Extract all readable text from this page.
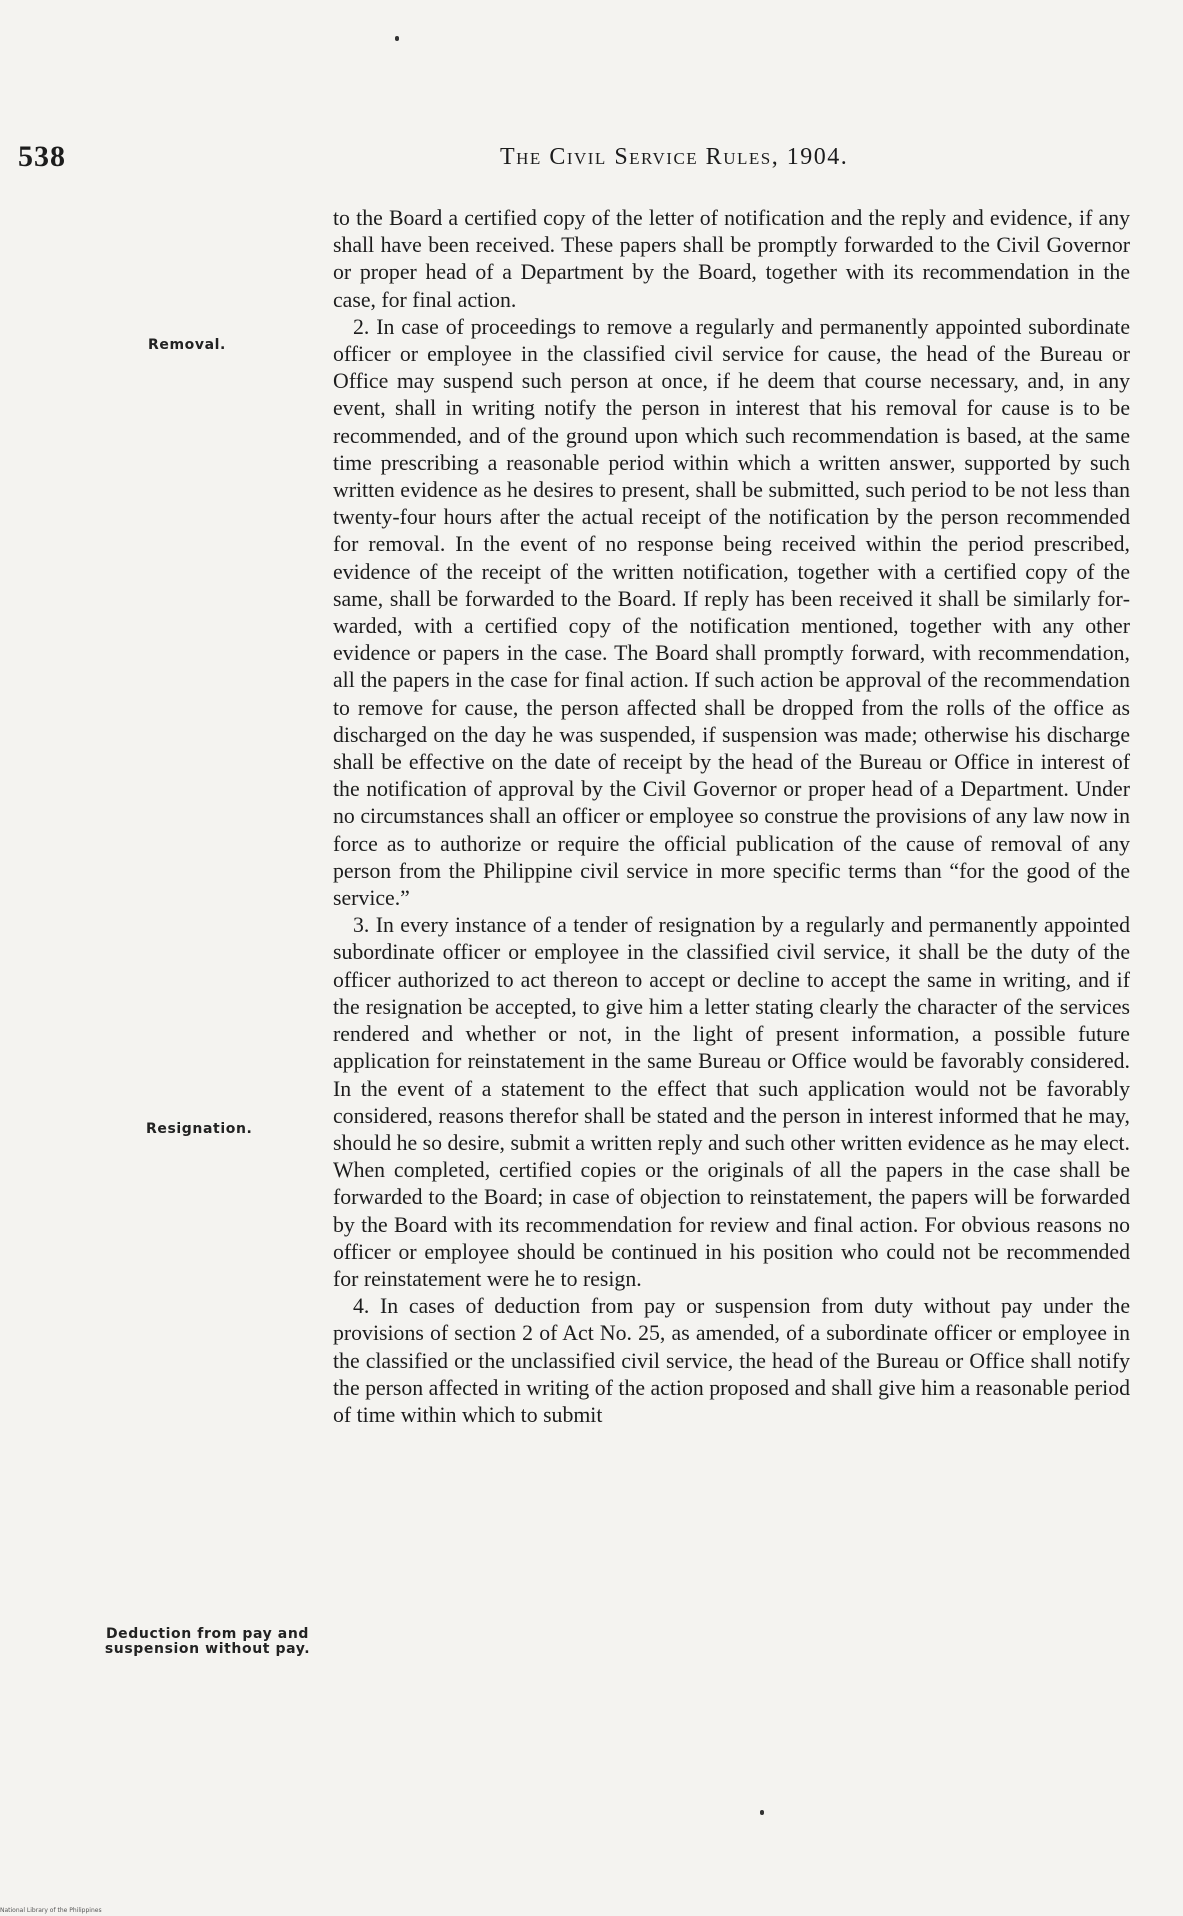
538	The Civil Service Rules, 1904.
Removal.
Resignation.
Deduction from pay and suspension without pay.

to the Board a certified copy of the letter of notification and the reply and evidence, if any shall have been received. These papers shall be promptly forwarded to the Civil Governor or proper head of a Department by the Board, together with its recommendation in the case, for final action.

2. In case of proceedings to remove a regularly and permanently appointed subordinate officer or employee in the classified civil service for cause, the head of the Bureau or Office may suspend such person at once, if he deem that course necessary, and, in any event, shall in writing notify the person in interest that his removal for cause is to be recommended, and of the ground upon which such recommendation is based, at the same time prescribing a reasonable period within which a written answer, supported by such written evidence as he desires to present, shall be submitted, such period to be not less than twenty-four hours after the actual receipt of the notification by the person recommended for removal. In the event of no response being received within the period prescribed, evidence of the receipt of the written notification, together with a certified copy of the same, shall be forwarded to the Board. If reply has been received it shall be similarly forwarded, with a certified copy of the notification mentioned, together with any other evidence or papers in the case. The Board shall promptly forward, with recommendation, all the papers in the case for final action. If such action be approval of the recommendation to remove for cause, the person affected shall be dropped from the rolls of the office as discharged on the day he was suspended, if suspension was made; otherwise his discharge shall be effective on the date of receipt by the head of the Bureau or Office in interest of the notification of approval by the Civil Governor or proper head of a Department. Under no circumstances shall an officer or employee so construe the provisions of any law now in force as to authorize or require the official publication of the cause of removal of any person from the Philippine civil service in more specific terms than “for the good of the service.”

3. In every instance of a tender of resignation by a regularly and permanently appointed subordinate officer or employee in the classified civil service, it shall be the duty of the officer authorized to act thereon to accept or decline to accept the same in writing, and if the resignation be accepted, to give him a letter stating clearly the character of the services rendered and whether or not, in the light of present information, a possible future application for reinstatement in the same Bureau or Office would be favorably considered. In the event of a statement to the effect that such application would not be favorably considered, reasons therefor shall be stated and the person in interest informed that he may, should he so desire, submit a written reply and such other written evidence as he may elect. When completed, certified copies or the originals of all the papers in the case shall be forwarded to the Board; in case of objection to reinstatement, the papers will be forwarded by the Board with its recommendation for review and final action. For obvious reasons no officer or employee should be continued in his position who could not be recommended for reinstatement were he to resign.

4. In cases of deduction from pay or suspension from duty without pay under the provisions of section 2 of Act No. 25, as amended, of a subordinate officer or employee in the classified or the unclassified civil service, the head of the Bureau or Office shall notify the person affected in writing of the action proposed and shall give him a reasonable period of time within which to submit

National Library of the Philippines
